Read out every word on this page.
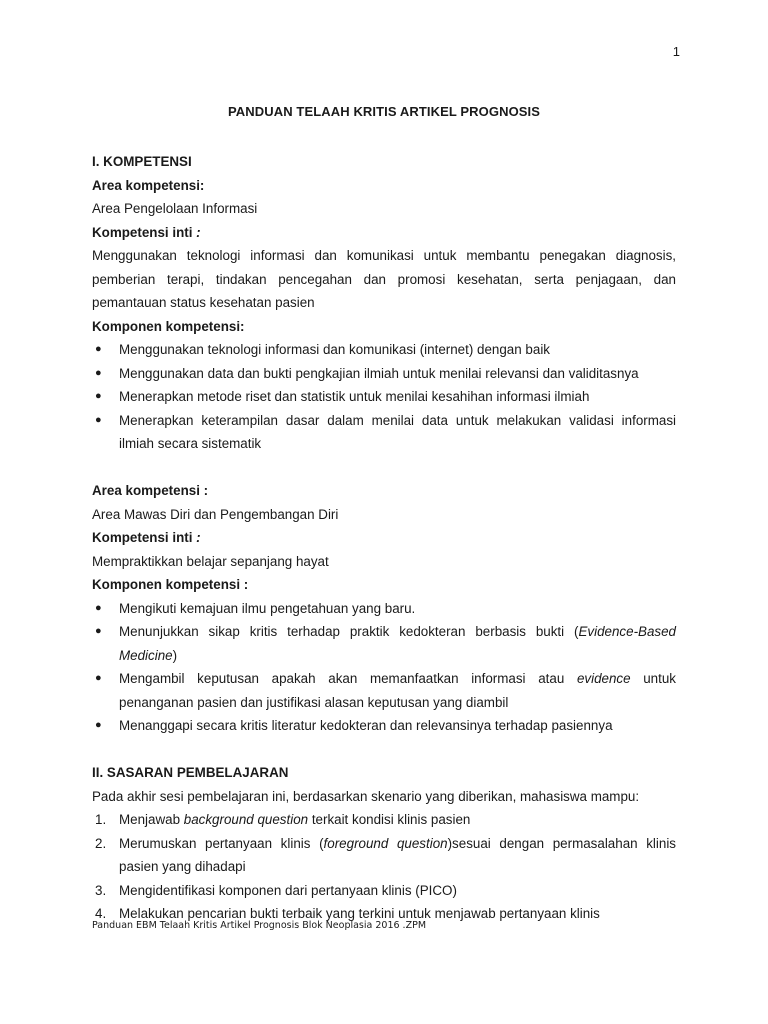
1
PANDUAN TELAAH KRITIS ARTIKEL PROGNOSIS

I. KOMPETENSI

Area kompetensi:

Area Pengelolaan Informasi

Kompetensi inti :

Menggunakan teknologi informasi dan komunikasi untuk membantu penegakan diagnosis, pemberian terapi, tindakan pencegahan dan promosi kesehatan, serta penjagaan, dan pemantauan status kesehatan pasien

Komponen kompetensi:

● Menggunakan teknologi informasi dan komunikasi (internet) dengan baik
● Menggunakan data dan bukti pengkajian ilmiah untuk menilai relevansi dan validitasnya
● Menerapkan metode riset dan statistik untuk menilai kesahihan informasi ilmiah
● Menerapkan keterampilan dasar dalam menilai data untuk melakukan validasi informasi ilmiah secara sistematik

Area kompetensi :

Area Mawas Diri dan Pengembangan Diri

Kompetensi inti :

Mempraktikkan belajar sepanjang hayat

Komponen kompetensi :

● Mengikuti kemajuan ilmu pengetahuan yang baru.
● Menunjukkan sikap kritis terhadap praktik kedokteran berbasis bukti (Evidence-Based Medicine)
● Mengambil keputusan apakah akan memanfaatkan informasi atau evidence untuk penanganan pasien dan justifikasi alasan keputusan yang diambil
● Menanggapi secara kritis literatur kedokteran dan relevansinya terhadap pasiennya

II. SASARAN PEMBELAJARAN

Pada akhir sesi pembelajaran ini, berdasarkan skenario yang diberikan, mahasiswa mampu:

1. Menjawab background question terkait kondisi klinis pasien
2. Merumuskan pertanyaan klinis (foreground question)sesuai dengan permasalahan klinis pasien yang dihadapi
3. Mengidentifikasi komponen dari pertanyaan klinis (PICO)
4. Melakukan pencarian bukti terbaik yang terkini untuk menjawab pertanyaan klinis
Panduan EBM Telaah Kritis Artikel Prognosis Blok Neoplasia 2016 .ZPM
